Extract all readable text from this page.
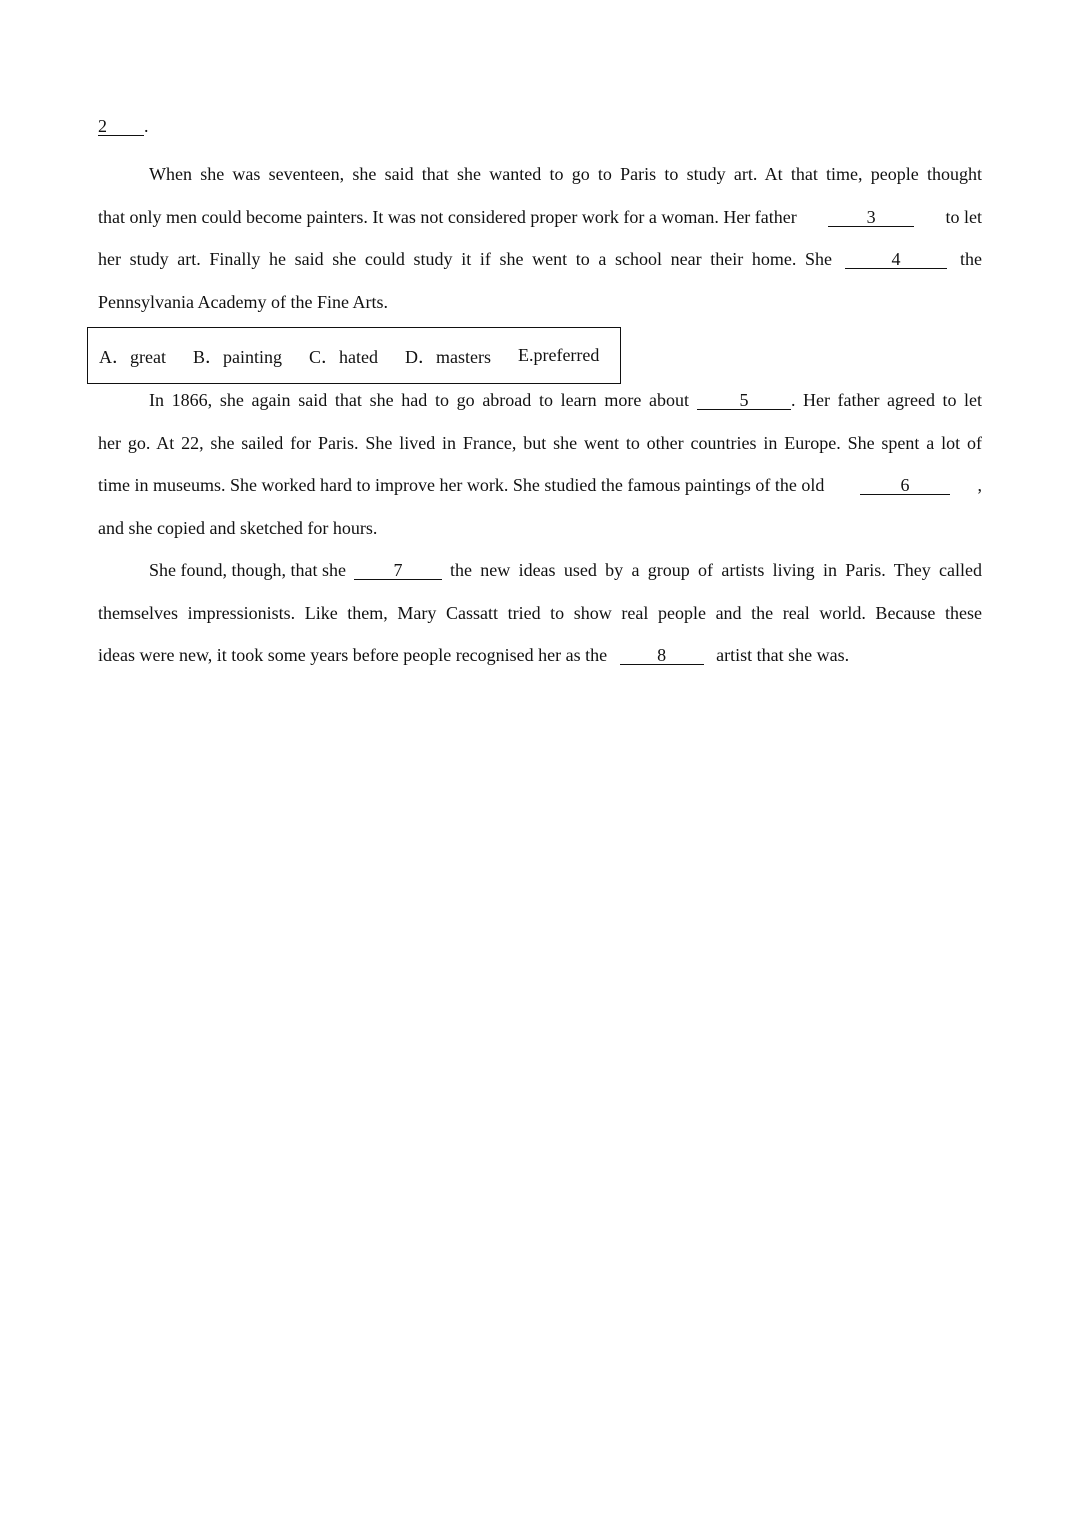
2 .
When she was seventeen, she said that she wanted to go to Paris to study art. At that time, people thought
that only men could become painters. It was not considered proper work for a woman. Her father	3	to let
her study art. Finally he said she could study it if she went to a school near their home. She	4	the
Pennsylvania Academy of the Fine Arts.
A．great B．painting C．hated D．masters E.preferred
In 1866, she again said that she had to go abroad to learn more about	5	. Her father agreed to let
her go. At 22, she sailed for Paris. She lived in France, but she went to other countries in Europe. She spent a lot of
time in museums. She worked hard to improve her work. She studied the famous paintings of the old	6	,
and she copied and sketched for hours.
She found, though, that she	7	the new ideas used by a group of artists living in Paris. They called
themselves impressionists. Like them, Mary Cassatt tried to show real people and the real world. Because these
ideas were new, it took some years before people recognised her as the	8	artist that she was.
